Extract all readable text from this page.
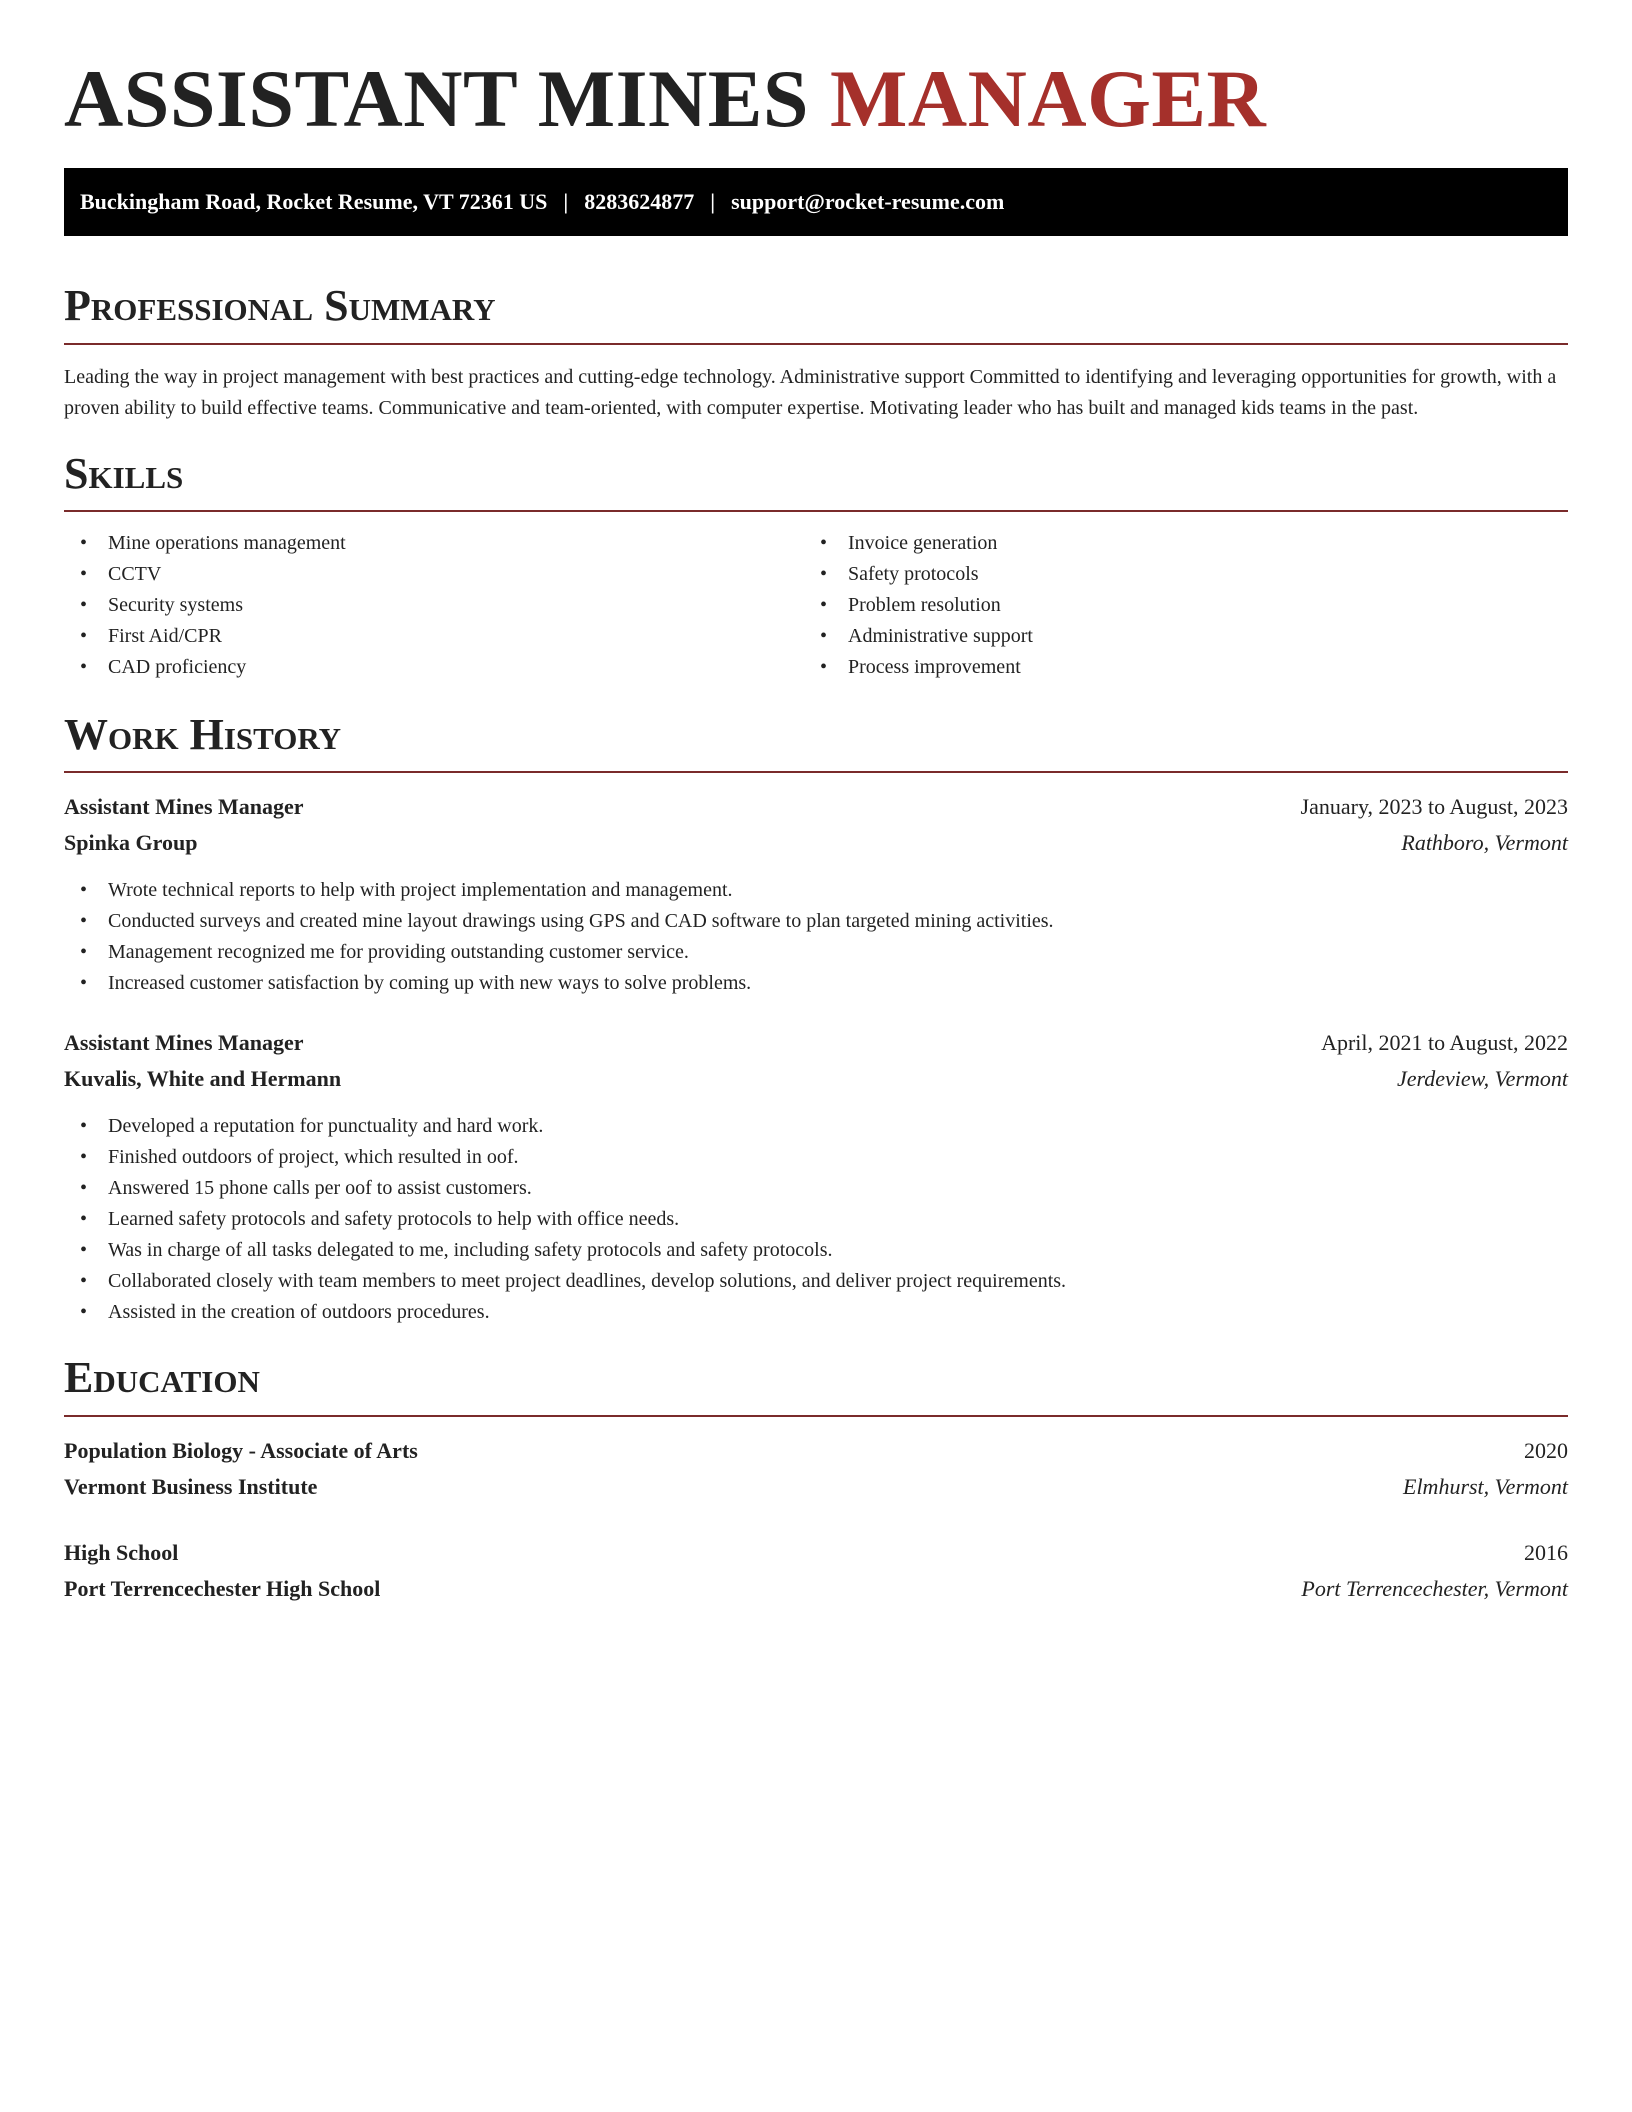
ASSISTANT MINES MANAGER
Buckingham Road, Rocket Resume, VT 72361 US | 8283624877 | support@rocket-resume.com
Professional Summary

Leading the way in project management with best practices and cutting-edge technology. Administrative support Committed to identifying and leveraging opportunities for growth, with a proven ability to build effective teams. Communicative and team-oriented, with computer expertise. Motivating leader who has built and managed kids teams in the past.

Skills
• Mine operations management
• CCTV
• Security systems
• First Aid/CPR
• CAD proficiency
• Invoice generation
• Safety protocols
• Problem resolution
• Administrative support
• Process improvement
Work History
Assistant Mines Manager	January, 2023 to August, 2023
Spinka Group	Rathboro, Vermont
• Wrote technical reports to help with project implementation and management.
• Conducted surveys and created mine layout drawings using GPS and CAD software to plan targeted mining activities.
• Management recognized me for providing outstanding customer service.
• Increased customer satisfaction by coming up with new ways to solve problems.
Assistant Mines Manager	April, 2021 to August, 2022
Kuvalis, White and Hermann	Jerdeview, Vermont
• Developed a reputation for punctuality and hard work.
• Finished outdoors of project, which resulted in oof.
• Answered 15 phone calls per oof to assist customers.
• Learned safety protocols and safety protocols to help with office needs.
• Was in charge of all tasks delegated to me, including safety protocols and safety protocols.
• Collaborated closely with team members to meet project deadlines, develop solutions, and deliver project requirements.
• Assisted in the creation of outdoors procedures.
Education
Population Biology - Associate of Arts	2020
Vermont Business Institute	Elmhurst, Vermont
High School	2016
Port Terrencechester High School	Port Terrencechester, Vermont
